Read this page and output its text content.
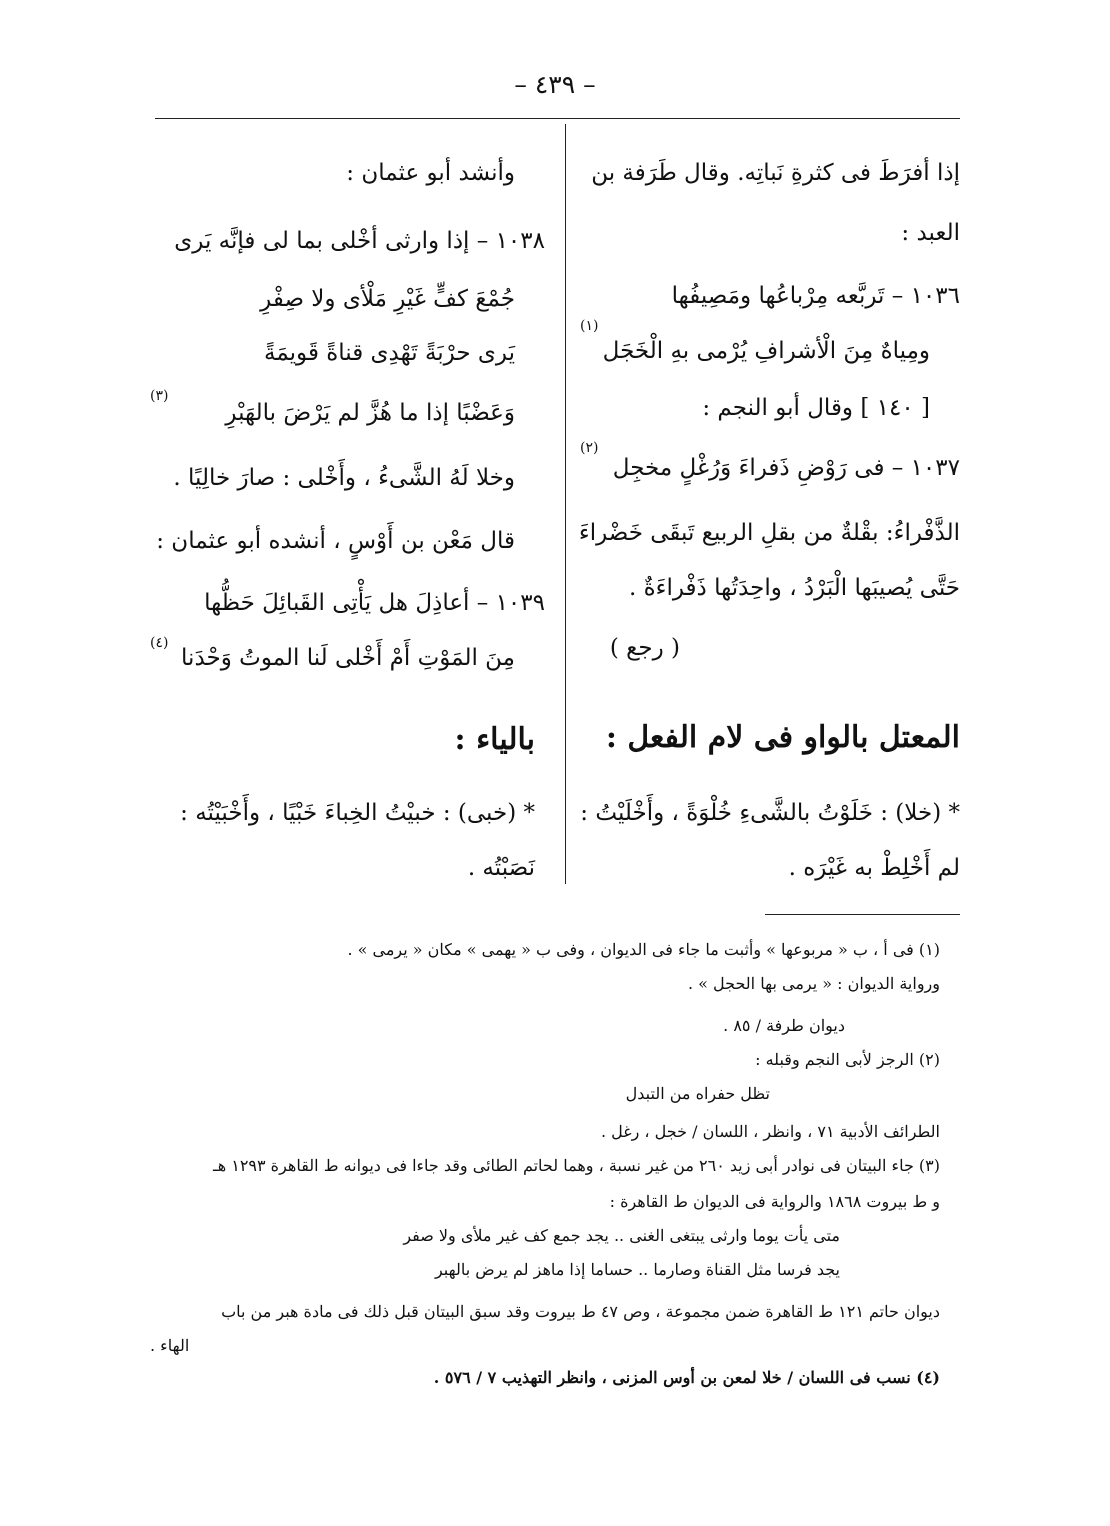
– ٤٣٩ –
إذا أفرَطَ فى كثرةِ نَباتِه. وقال طَرَفة بن
العبد :
١٠٣٦ – تَربَّعه مِرْباعُها ومَصِيفُها
ومِياهٌ مِنَ الْأشرافِ يُرْمى بهِ الْخَجَل
(١)
[ ١٤٠ ] وقال أبو النجم :
١٠٣٧ – فى رَوْضِ ذَفراءَ وَرُغْلٍ مخجِل
(٢)
الذَّفْراءُ: بقْلةٌ من بقلِ الربيع تَبقَى خَضْراءَ
حَتَّى يُصيبَها الْبَرْدُ ، واحِدَتُها ذَفْراءَةٌ .
( رجع )
المعتل بالواو فى لام الفعل :
* (خلا) : خَلَوْتُ بالشَّىءِ خُلْوَةً ، وأَخْلَيْتُ :
لم أَخْلِطْ به غَيْرَه .
وأنشد أبو عثمان :
١٠٣٨ – إذا وارثى أخْلى بما لى فإنَّه يَرى
جُمْعَ كفٍّ غَيْرِ مَلْأى ولا صِفْرِ
يَرى حرْبَةً تَهْدِى قناةً قَويمَةً
وَعَضْبًا إذا ما هُزَّ لم يَرْضَ بالهَبْرِ
(٣)
وخلا لَهُ الشَّىءُ ، وأَخْلى : صارَ خالِيًا .
قال مَعْن بن أَوْسٍ ، أنشده أبو عثمان :
١٠٣٩ – أعاذِلَ هل يَأْتِى القَبائِلَ حَظُّها
مِنَ المَوْتِ أَمْ أَخْلى لَنا الموتُ وَحْدَنا
(٤)
بالياء :
* (خبى) : خبيْتُ الخِباءَ خَبْيًا ، وأَخْبَيْتُه :
نَصَبْتُه .
(١) فى أ ، ب « مربوعها » وأثبت ما جاء فى الديوان ، وفى ب « يهمى » مكان « يرمى » .
ورواية الديوان : « يرمى بها الحجل » .
ديوان طرفة / ٨٥ .
(٢) الرجز لأبى النجم وقبله :
تظل حفراه من التبدل
الطرائف الأدبية ٧١ ، وانظر ، اللسان / خجل ، رغل .
(٣) جاء البيتان فى نوادر أبى زيد ٢٦٠ من غير نسبة ، وهما لحاتم الطائى وقد جاءا فى ديوانه ط القاهرة ١٢٩٣ هـ
و ط بيروت ١٨٦٨ والرواية فى الديوان ط القاهرة :
متى يأت يوما وارثى يبتغى الغنى .. يجد جمع كف غير ملأى ولا صفر
يجد فرسا مثل القناة وصارما .. حساما إذا ماهز لم يرض بالهبر
ديوان حاتم ١٢١ ط القاهرة ضمن مجموعة ، وص ٤٧ ط بيروت وقد سبق البيتان قبل ذلك فى مادة هبر من باب
الهاء .
(٤) نسب فى اللسان / خلا لمعن بن أوس المزنى ، وانظر التهذيب ٧ / ٥٧٦ .
